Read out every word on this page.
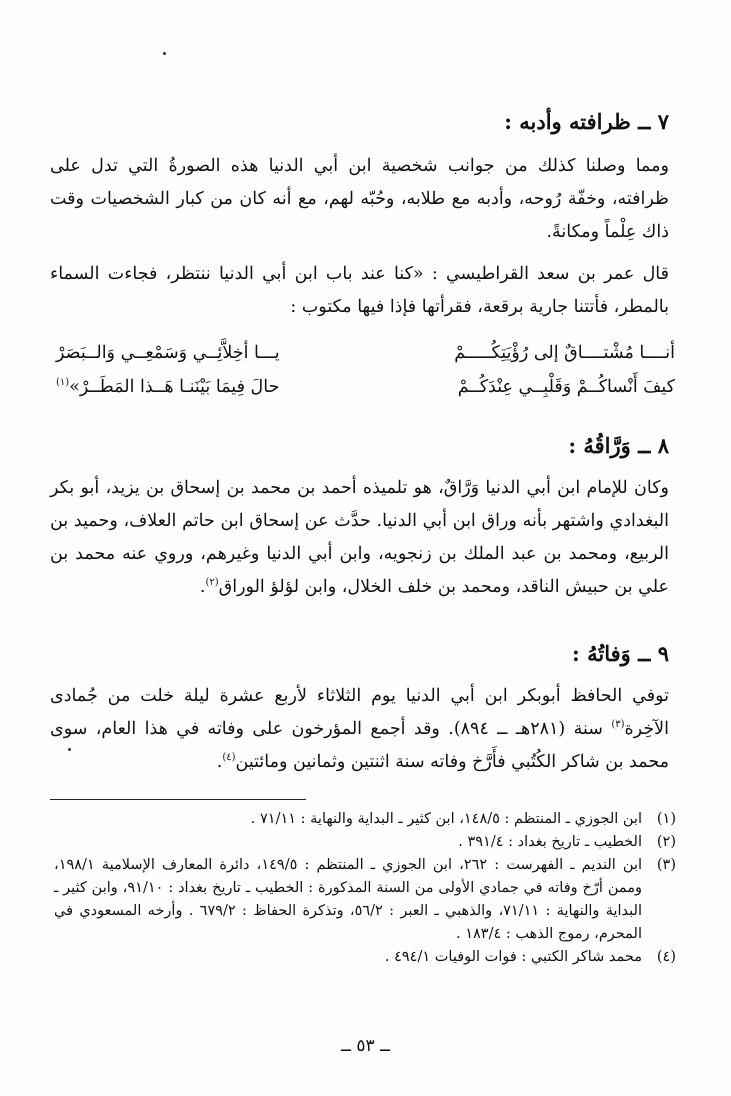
٧ ــ ظرافته وأدبه :
ومما وصلنا كذلك من جوانب شخصية ابن أبي الدنيا هذه الصورةُ التي تدل على ظرافته، وخفّة رُوحه، وأدبه مع طلابه، وحُبّه لهم، مع أنه كان من كبار الشخصيات وقت ذاك عِلْماً ومكانةً.
قال عمر بن سعد القراطيسي : «كنا عند باب ابن أبي الدنيا ننتظر، فجاءت السماء بالمطر، فأتتنا جارية برقعة، فقرأتها فإذا فيها مكتوب :
أنــــا مُشْتــــاقٌ إلى رُؤْيَتِكُـــــمْ
يـــا أخِلاَّئِــي وَسَمْعِــي وَالــبَصَرْ
كيفَ أَنْساكُــمْ وَقَلْبِــي عِنْدَكُــمْ
حالَ فِيمَا بَيْنَنـا هَــذا المَطَــرْ»$^{(١)}$
٨ ــ وَرَّاقُهُ :
وكان للإمام ابن أبي الدنيا وَرَّاقٌ، هو تلميذه أحمد بن محمد بن إسحاق بن يزيد، أبو بكر البغدادي واشتهر بأنه وراق ابن أبي الدنيا. حدَّث عن إسحاق ابن حاتم العلاف، وحميد بن الربيع، ومحمد بن عبد الملك بن زنجويه، وابن أبي الدنيا وغيرهم، وروي عنه محمد بن علي بن حبيش الناقد، ومحمد بن خلف الخلال، وابن لؤلؤ الوراق$^{(٢)}$.
٩ ــ وَفاتُهُ :
توفي الحافظ أبوبكر ابن أبي الدنيا يوم الثلاثاء لأربع عشرة ليلة خلت من جُمادى الآخِرة$^{(٣)}$ سنة (٢٨١هـ ــ ٨٩٤). وقد أجمع المؤرخون على وفاته في هذا العام، سوى محمد بن شاكر الكُتُبي فأَرَّخ وفاته سنة اثنتين وثمانين ومائتين$^{(٤)}$.
(١)
ابن الجوزي ـ المنتظم : ١٤٨/٥، ابن كثير ـ البداية والنهاية : ٧١/١١ .
(٢)
الخطيب ـ تاريخ بغداد : ٣٩١/٤ .
(٣)
ابن النديم ـ الفهرست : ٢٦٢، ابن الجوزي ـ المنتظم : ١٤٩/٥، دائرة المعارف الإسلامية ١٩٨/١، وممن أرّخ وفاته في جمادي الأولى من السنة المذكورة : الخطيب ـ تاريخ بغداد : ٩١/١٠، وابن كثير ـ البداية والنهاية : ٧١/١١، والذهبي ـ العبر : ٥٦/٢، وتذكرة الحفاظ : ٦٧٩/٢ . وأرخه المسعودي في المحرم، رموج الذهب : ١٨٣/٤ .
(٤)
محمد شاكر الكتبي : فوات الوفيات ٤٩٤/١ .
ــ ٥٣ ــ
